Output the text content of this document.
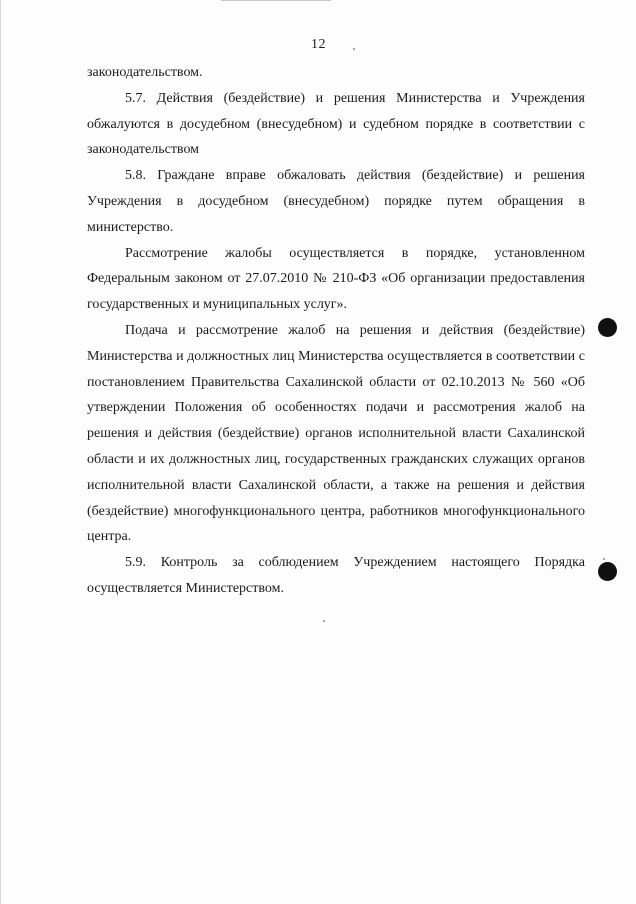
12

законодательством.

5.7. Действия (бездействие) и решения Министерства и Учреждения обжалуются в досудебном (внесудебном) и судебном порядке в соответствии с законодательством

5.8. Граждане вправе обжаловать действия (бездействие) и решения Учреждения в досудебном (внесудебном) порядке путем обращения в министерство.

Рассмотрение жалобы осуществляется в порядке, установленном Федеральным законом от 27.07.2010 № 210-ФЗ «Об организации предоставления государственных и муниципальных услуг».

Подача и рассмотрение жалоб на решения и действия (бездействие) Министерства и должностных лиц Министерства осуществляется в соответствии с постановлением Правительства Сахалинской области от 02.10.2013 № 560 «Об утверждении Положения об особенностях подачи и рассмотрения жалоб на решения и действия (бездействие) органов исполнительной власти Сахалинской области и их должностных лиц, государственных гражданских служащих органов исполнительной власти Сахалинской области, а также на решения и действия (бездействие) многофункционального центра, работников многофункционального центра.

5.9. Контроль за соблюдением Учреждением настоящего Порядка осуществляется Министерством.
